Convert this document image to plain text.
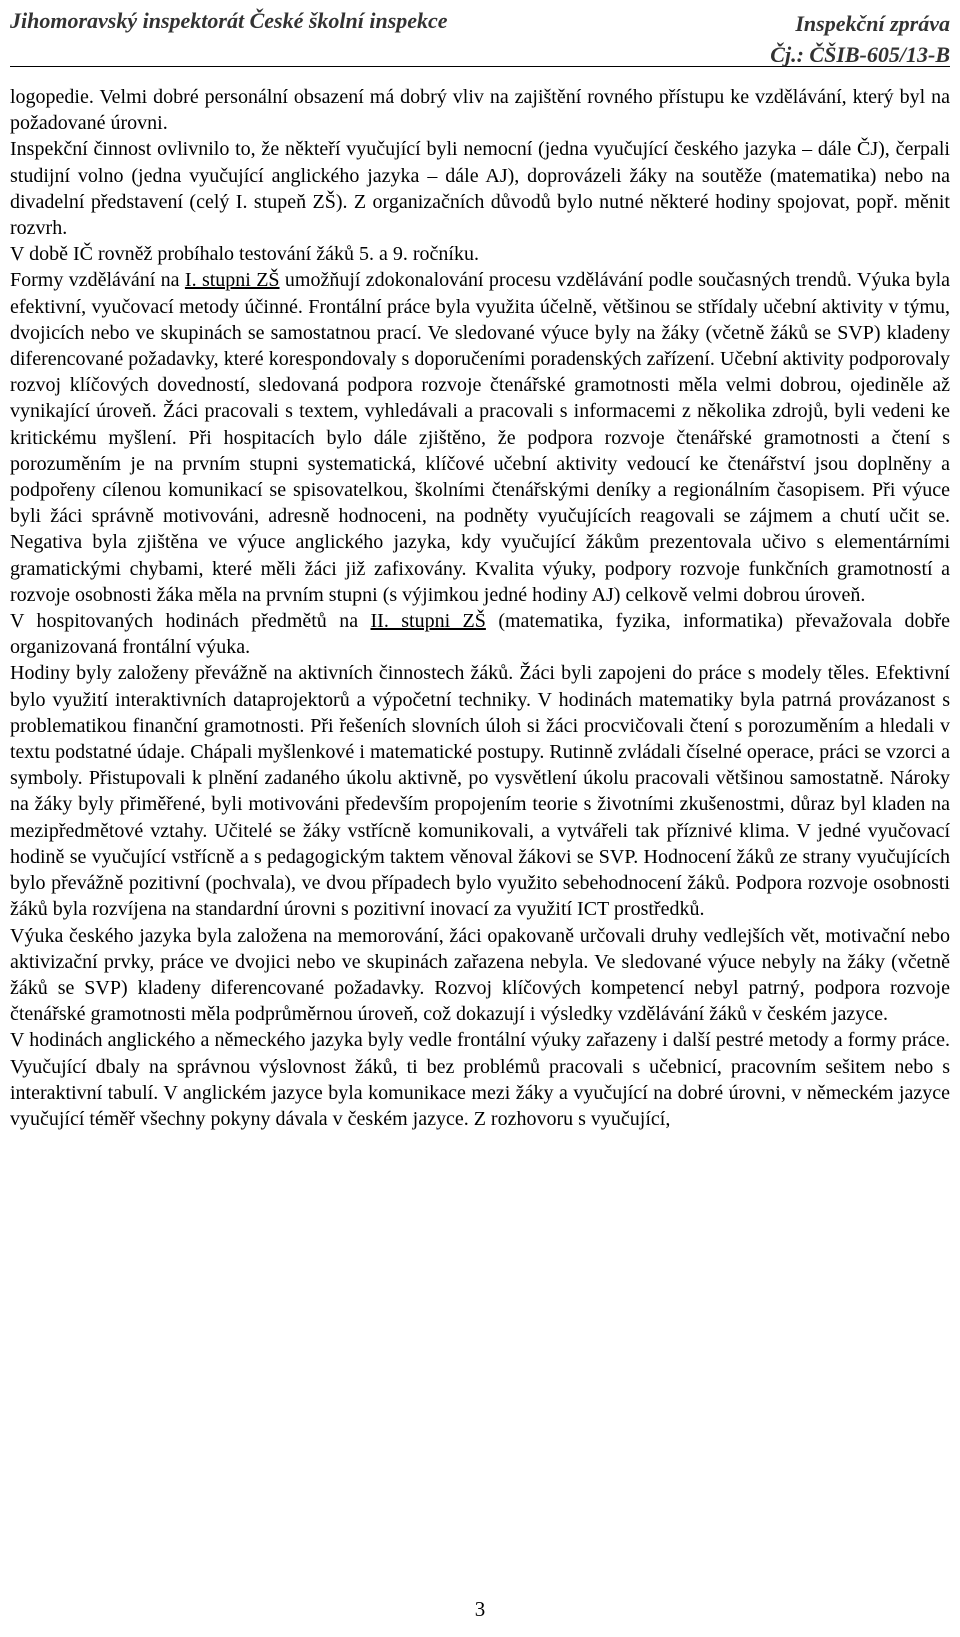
Jihomoravský inspektorát České školní inspekce	Inspekční zpráva
Čj.: ČŠIB-605/13-B

logopedie. Velmi dobré personální obsazení má dobrý vliv na zajištění rovného přístupu ke vzdělávání, který byl na požadované úrovni.

Inspekční činnost ovlivnilo to, že někteří vyučující byli nemocní (jedna vyučující českého jazyka – dále ČJ), čerpali studijní volno (jedna vyučující anglického jazyka – dále AJ), doprovázeli žáky na soutěže (matematika) nebo na divadelní představení (celý I. stupeň ZŠ). Z organizačních důvodů bylo nutné některé hodiny spojovat, popř. měnit rozvrh.

V době IČ rovněž probíhalo testování žáků 5. a 9. ročníku.

Formy vzdělávání na I. stupni ZŠ umožňují zdokonalování procesu vzdělávání podle současných trendů. Výuka byla efektivní, vyučovací metody účinné. Frontální práce byla využita účelně, většinou se střídaly učební aktivity v týmu, dvojicích nebo ve skupinách se samostatnou prací. Ve sledované výuce byly na žáky (včetně žáků se SVP) kladeny diferencované požadavky, které korespondovaly s doporučeními poradenských zařízení. Učební aktivity podporovaly rozvoj klíčových dovedností, sledovaná podpora rozvoje čtenářské gramotnosti měla velmi dobrou, ojediněle až vynikající úroveň. Žáci pracovali s textem, vyhledávali a pracovali s informacemi z několika zdrojů, byli vedeni ke kritickému myšlení. Při hospitacích bylo dále zjištěno, že podpora rozvoje čtenářské gramotnosti a čtení s porozuměním je na prvním stupni systematická, klíčové učební aktivity vedoucí ke čtenářství jsou doplněny a podpořeny cílenou komunikací se spisovatelkou, školními čtenářskými deníky a regionálním časopisem. Při výuce byli žáci správně motivováni, adresně hodnoceni, na podněty vyučujících reagovali se zájmem a chutí učit se. Negativa byla zjištěna ve výuce anglického jazyka, kdy vyučující žákům prezentovala učivo s elementárními gramatickými chybami, které měli žáci již zafixovány. Kvalita výuky, podpory rozvoje funkčních gramotností a rozvoje osobnosti žáka měla na prvním stupni (s výjimkou jedné hodiny AJ) celkově velmi dobrou úroveň.

V hospitovaných hodinách předmětů na II. stupni ZŠ (matematika, fyzika, informatika) převažovala dobře organizovaná frontální výuka.

Hodiny byly založeny převážně na aktivních činnostech žáků. Žáci byli zapojeni do práce s modely těles. Efektivní bylo využití interaktivních dataprojektorů a výpočetní techniky. V hodinách matematiky byla patrná provázanost s problematikou finanční gramotnosti. Při řešeních slovních úloh si žáci procvičovali čtení s porozuměním a hledali v textu podstatné údaje. Chápali myšlenkové i matematické postupy. Rutinně zvládali číselné operace, práci se vzorci a symboly. Přistupovali k plnění zadaného úkolu aktivně, po vysvětlení úkolu pracovali většinou samostatně. Nároky na žáky byly přiměřené, byli motivováni především propojením teorie s životními zkušenostmi, důraz byl kladen na mezipředmětové vztahy. Učitelé se žáky vstřícně komunikovali, a vytvářeli tak příznivé klima. V jedné vyučovací hodině se vyučující vstřícně a s pedagogickým taktem věnoval žákovi se SVP. Hodnocení žáků ze strany vyučujících bylo převážně pozitivní (pochvala), ve dvou případech bylo využito sebehodnocení žáků. Podpora rozvoje osobnosti žáků byla rozvíjena na standardní úrovni s pozitivní inovací za využití ICT prostředků.

Výuka českého jazyka byla založena na memorování, žáci opakovaně určovali druhy vedlejších vět, motivační nebo aktivizační prvky, práce ve dvojici nebo ve skupinách zařazena nebyla. Ve sledované výuce nebyly na žáky (včetně žáků se SVP) kladeny diferencované požadavky. Rozvoj klíčových kompetencí nebyl patrný, podpora rozvoje čtenářské gramotnosti měla podprůměrnou úroveň, což dokazují i výsledky vzdělávání žáků v českém jazyce.

V hodinách anglického a německého jazyka byly vedle frontální výuky zařazeny i další pestré metody a formy práce. Vyučující dbaly na správnou výslovnost žáků, ti bez problémů pracovali s učebnicí, pracovním sešitem nebo s interaktivní tabulí. V anglickém jazyce byla komunikace mezi žáky a vyučující na dobré úrovni, v německém jazyce vyučující téměř všechny pokyny dávala v českém jazyce. Z rozhovoru s vyučující,

3
